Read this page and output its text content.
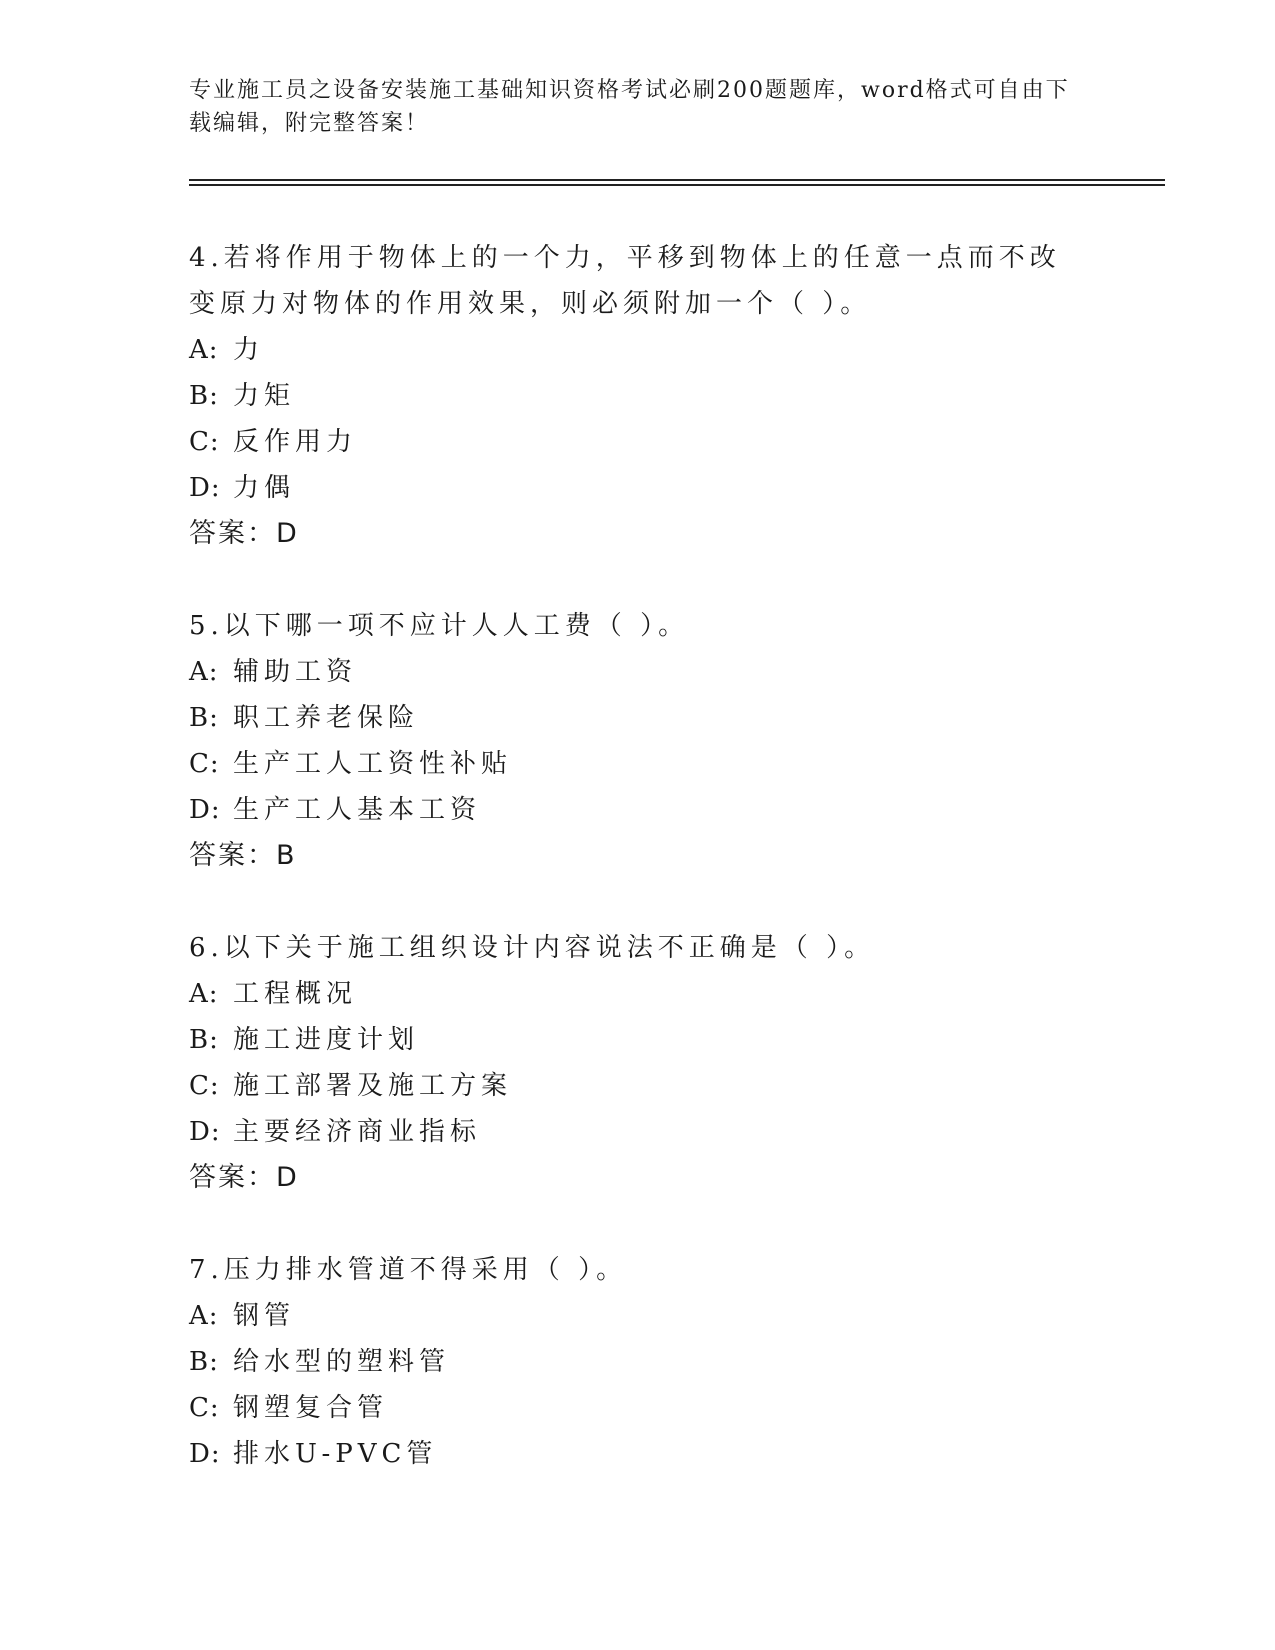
专业施工员之设备安装施工基础知识资格考试必刷200题题库，word格式可自由下载编辑，附完整答案！

4.若将作用于物体上的一个力，平移到物体上的任意一点而不改变原力对物体的作用效果，则必须附加一个（ ）。

A: 力
B: 力矩
C: 反作用力
D: 力偶
答案：D

5.以下哪一项不应计人人工费（ ）。

A: 辅助工资
B: 职工养老保险
C: 生产工人工资性补贴
D: 生产工人基本工资
答案：B

6.以下关于施工组织设计内容说法不正确是（ ）。

A: 工程概况
B: 施工进度计划
C: 施工部署及施工方案
D: 主要经济商业指标
答案：D

7.压力排水管道不得采用（ ）。

A: 钢管
B: 给水型的塑料管
C: 钢塑复合管
D: 排水U-PVC管
